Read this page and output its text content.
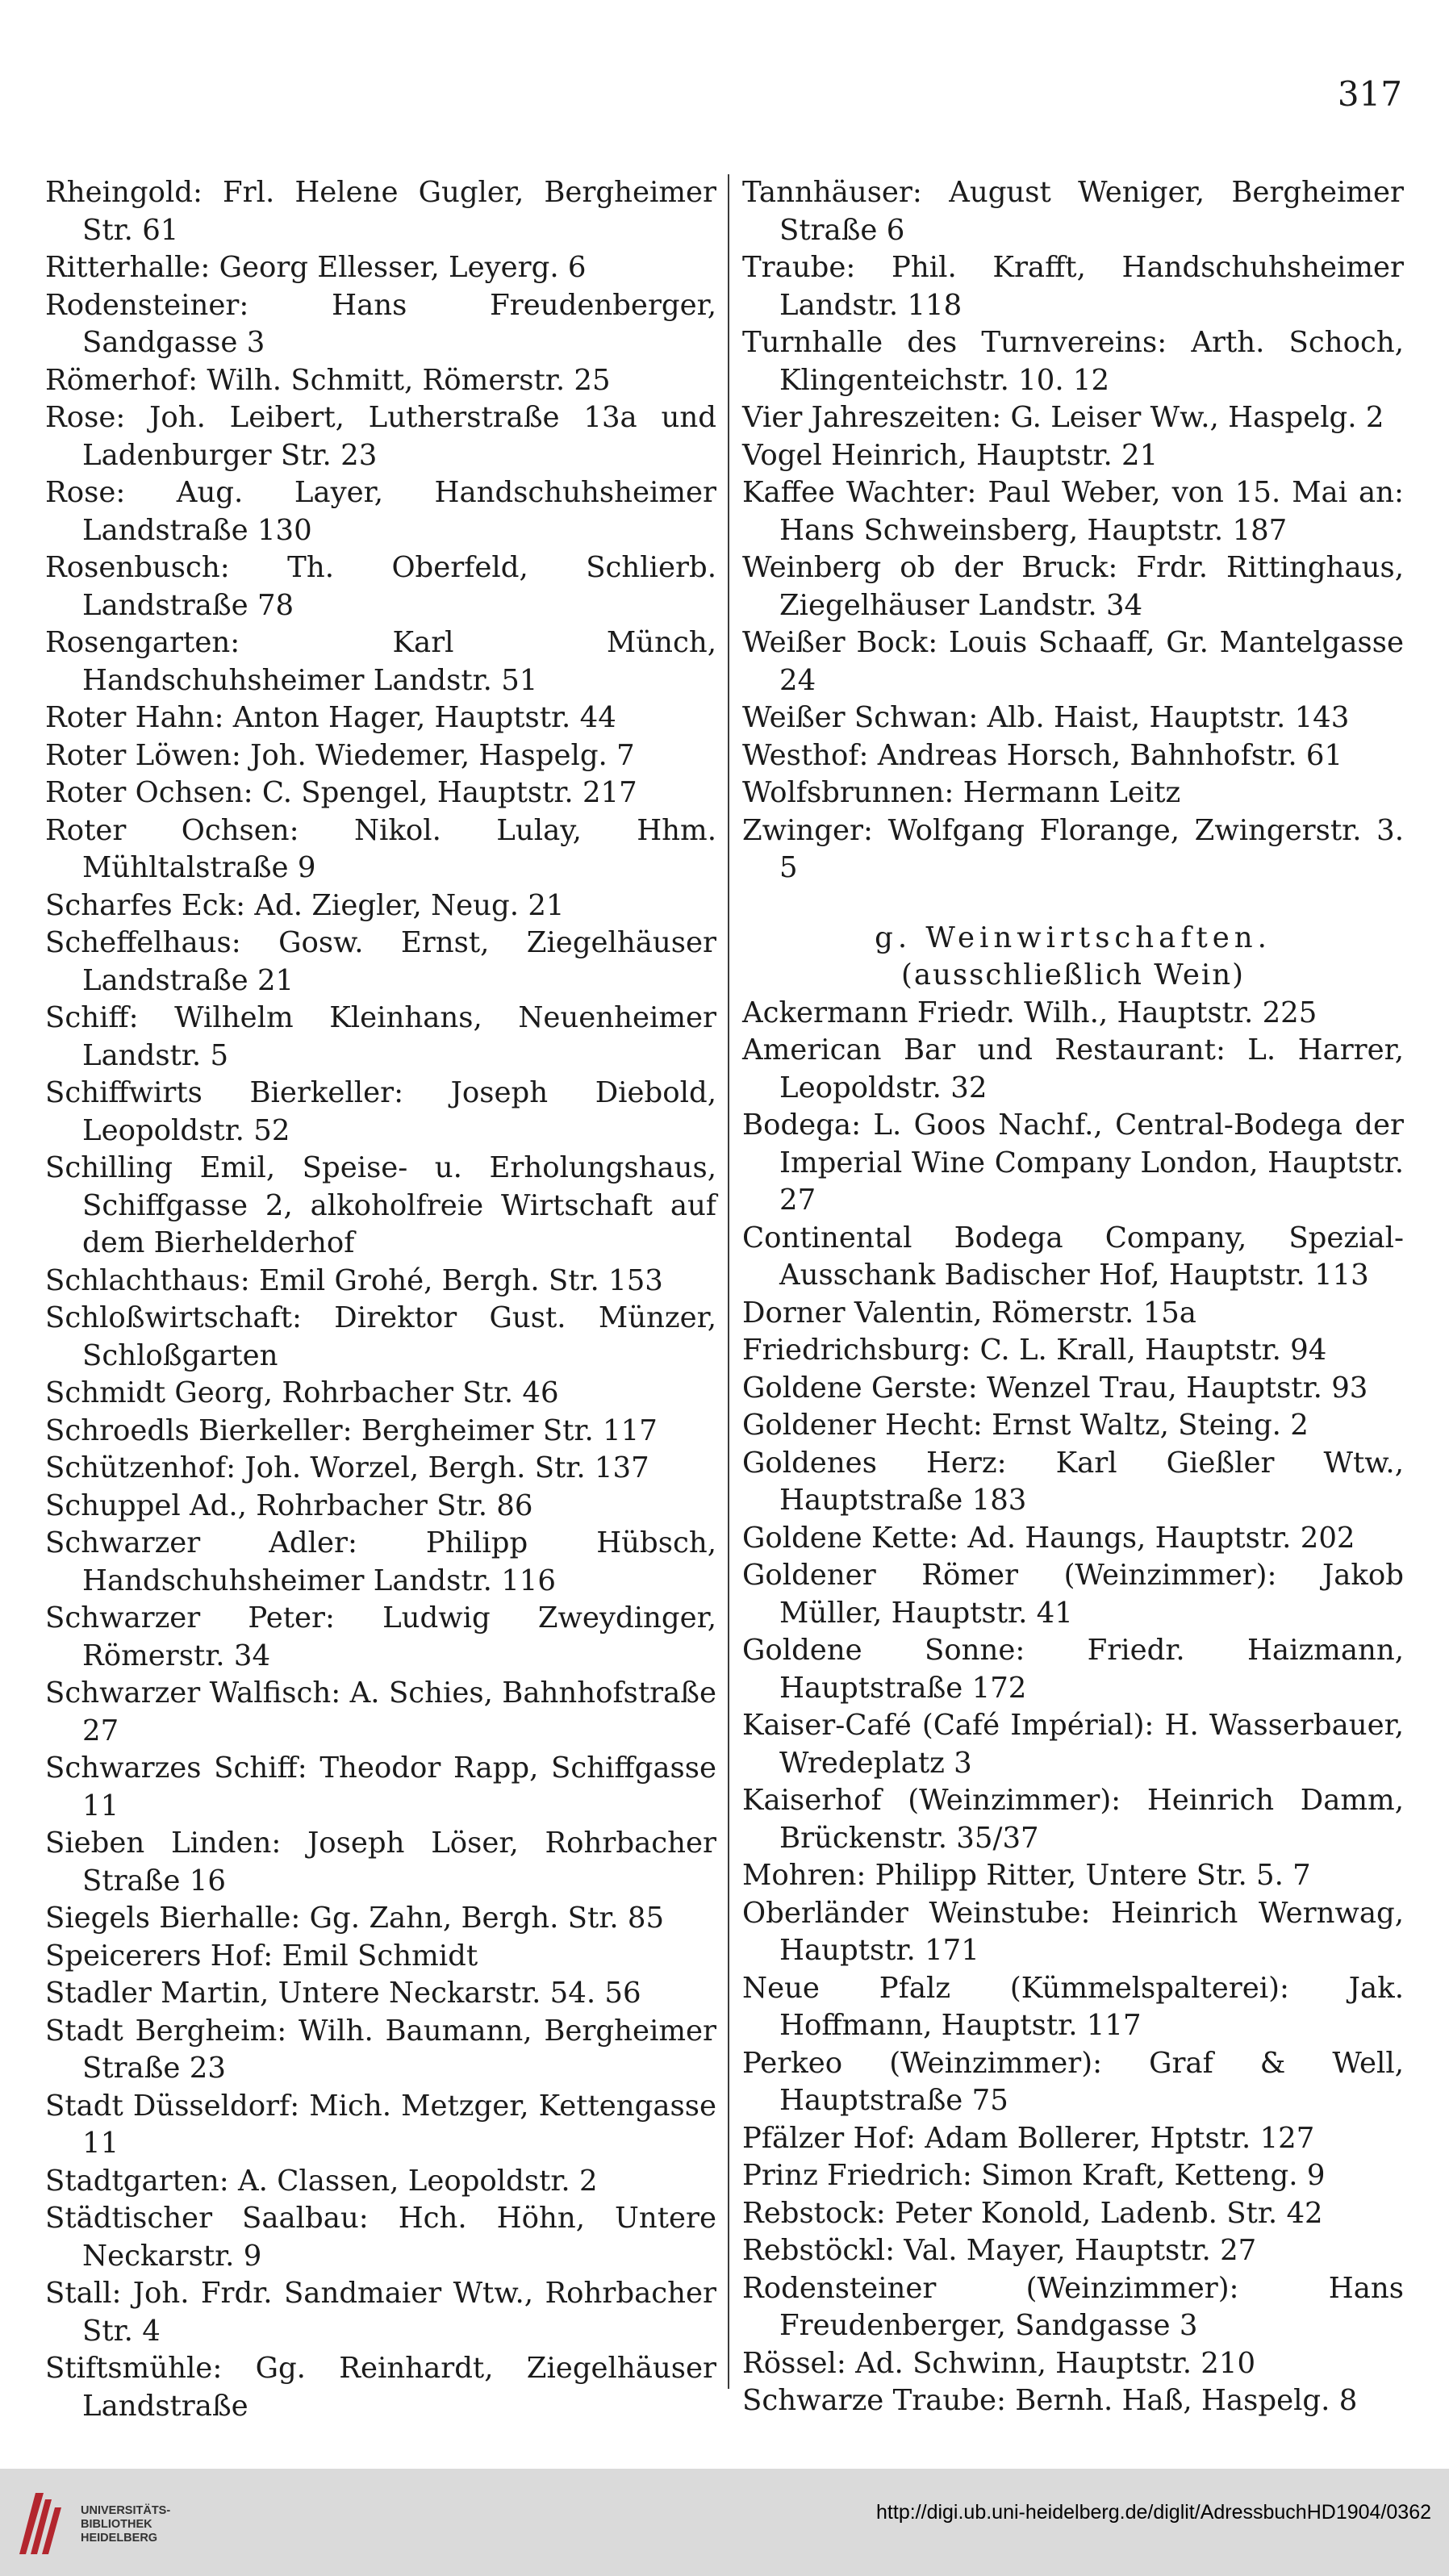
317
Rheingold: Frl. Helene Gugler, Bergheimer Str. 61
Ritterhalle: Georg Ellesser, Leyerg. 6
Rodensteiner: Hans Freudenberger, Sandgasse 3
Römerhof: Wilh. Schmitt, Römerstr. 25
Rose: Joh. Leibert, Lutherstraße 13a und Ladenburger Str. 23
Rose: Aug. Layer, Handschuhsheimer Landstraße 130
Rosenbusch: Th. Oberfeld, Schlierb. Landstraße 78
Rosengarten: Karl Münch, Handschuhsheimer Landstr. 51
Roter Hahn: Anton Hager, Hauptstr. 44
Roter Löwen: Joh. Wiedemer, Haspelg. 7
Roter Ochsen: C. Spengel, Hauptstr. 217
Roter Ochsen: Nikol. Lulay, Hhm. Mühltalstraße 9
Scharfes Eck: Ad. Ziegler, Neug. 21
Scheffelhaus: Gosw. Ernst, Ziegelhäuser Landstraße 21
Schiff: Wilhelm Kleinhans, Neuenheimer Landstr. 5
Schiffwirts Bierkeller: Joseph Diebold, Leopoldstr. 52
Schilling Emil, Speise- u. Erholungshaus, Schiffgasse 2, alkoholfreie Wirtschaft auf dem Bierhelderhof
Schlachthaus: Emil Grohé, Bergh. Str. 153
Schloßwirtschaft: Direktor Gust. Münzer, Schloßgarten
Schmidt Georg, Rohrbacher Str. 46
Schroedls Bierkeller: Bergheimer Str. 117
Schützenhof: Joh. Worzel, Bergh. Str. 137
Schuppel Ad., Rohrbacher Str. 86
Schwarzer Adler: Philipp Hübsch, Handschuhsheimer Landstr. 116
Schwarzer Peter: Ludwig Zweydinger, Römerstr. 34
Schwarzer Walfisch: A. Schies, Bahnhofstraße 27
Schwarzes Schiff: Theodor Rapp, Schiffgasse 11
Sieben Linden: Joseph Löser, Rohrbacher Straße 16
Siegels Bierhalle: Gg. Zahn, Bergh. Str. 85
Speicerers Hof: Emil Schmidt
Stadler Martin, Untere Neckarstr. 54. 56
Stadt Bergheim: Wilh. Baumann, Bergheimer Straße 23
Stadt Düsseldorf: Mich. Metzger, Kettengasse 11
Stadtgarten: A. Classen, Leopoldstr. 2
Städtischer Saalbau: Hch. Höhn, Untere Neckarstr. 9
Stall: Joh. Frdr. Sandmaier Wtw., Rohrbacher Str. 4
Stiftsmühle: Gg. Reinhardt, Ziegelhäuser Landstraße
Tannhäuser: August Weniger, Bergheimer Straße 6
Traube: Phil. Krafft, Handschuhsheimer Landstr. 118
Turnhalle des Turnvereins: Arth. Schoch, Klingenteichstr. 10. 12
Vier Jahreszeiten: G. Leiser Ww., Haspelg. 2
Vogel Heinrich, Hauptstr. 21
Kaffee Wachter: Paul Weber, von 15. Mai an: Hans Schweinsberg, Hauptstr. 187
Weinberg ob der Bruck: Frdr. Rittinghaus, Ziegelhäuser Landstr. 34
Weißer Bock: Louis Schaaff, Gr. Mantelgasse 24
Weißer Schwan: Alb. Haist, Hauptstr. 143
Westhof: Andreas Horsch, Bahnhofstr. 61
Wolfsbrunnen: Hermann Leitz
Zwinger: Wolfgang Florange, Zwingerstr. 3. 5
g. Weinwirtschaften.
(ausschließlich Wein)
Ackermann Friedr. Wilh., Hauptstr. 225
American Bar und Restaurant: L. Harrer, Leopoldstr. 32
Bodega: L. Goos Nachf., Central-Bodega der Imperial Wine Company London, Hauptstr. 27
Continental Bodega Company, Spezial-Ausschank Badischer Hof, Hauptstr. 113
Dorner Valentin, Römerstr. 15a
Friedrichsburg: C. L. Krall, Hauptstr. 94
Goldene Gerste: Wenzel Trau, Hauptstr. 93
Goldener Hecht: Ernst Waltz, Steing. 2
Goldenes Herz: Karl Gießler Wtw., Hauptstraße 183
Goldene Kette: Ad. Haungs, Hauptstr. 202
Goldener Römer (Weinzimmer): Jakob Müller, Hauptstr. 41
Goldene Sonne: Friedr. Haizmann, Hauptstraße 172
Kaiser-Café (Café Impérial): H. Wasserbauer, Wredeplatz 3
Kaiserhof (Weinzimmer): Heinrich Damm, Brückenstr. 35/37
Mohren: Philipp Ritter, Untere Str. 5. 7
Oberländer Weinstube: Heinrich Wernwag, Hauptstr. 171
Neue Pfalz (Kümmelspalterei): Jak. Hoffmann, Hauptstr. 117
Perkeo (Weinzimmer): Graf & Well, Hauptstraße 75
Pfälzer Hof: Adam Bollerer, Hptstr. 127
Prinz Friedrich: Simon Kraft, Ketteng. 9
Rebstock: Peter Konold, Ladenb. Str. 42
Rebstöckl: Val. Mayer, Hauptstr. 27
Rodensteiner (Weinzimmer): Hans Freudenberger, Sandgasse 3
Rössel: Ad. Schwinn, Hauptstr. 210
Schwarze Traube: Bernh. Haß, Haspelg. 8
UNIVERSITÄTS-
BIBLIOTHEK
HEIDELBERG
http://digi.ub.uni-heidelberg.de/diglit/AdressbuchHD1904/0362
